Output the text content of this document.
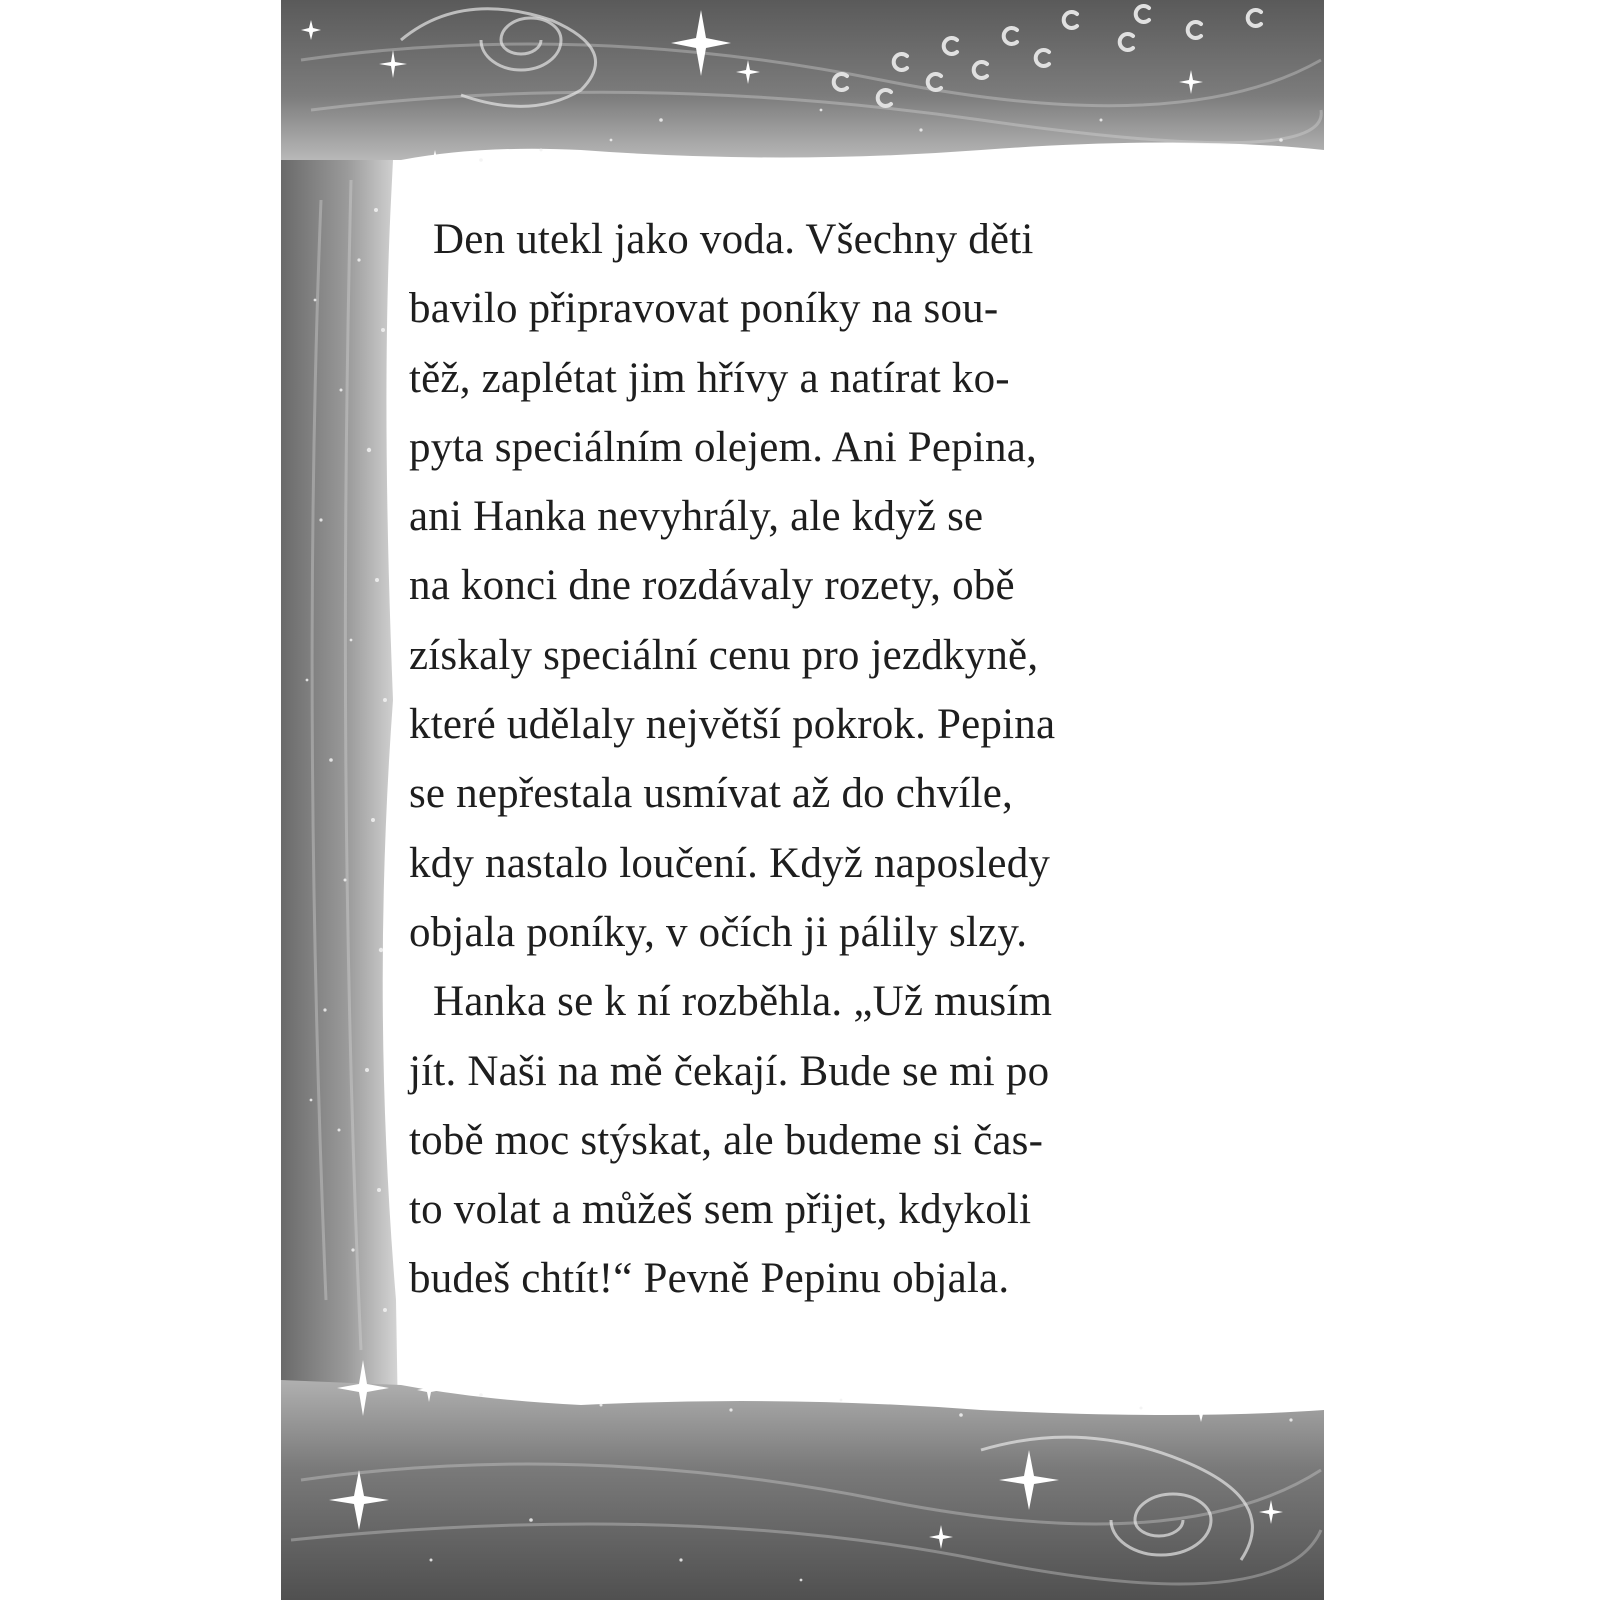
Den utekl jako voda. Všechny děti
bavilo připravovat poníky na sou-
těž, zaplétat jim hřívy a natírat ko-
pyta speciálním olejem. Ani Pepina,
ani Hanka nevyhrály, ale když se
na konci dne rozdávaly rozety, obě
získaly speciální cenu pro jezdkyně,
které udělaly největší pokrok. Pepina
se nepřestala usmívat až do chvíle,
kdy nastalo loučení. Když naposledy
objala poníky, v očích ji pálily slzy.
Hanka se k ní rozběhla. „Už musím
jít. Naši na mě čekají. Bude se mi po
tobě moc stýskat, ale budeme si čas-
to volat a můžeš sem přijet, kdykoli
budeš chtít!“ Pevně Pepinu objala.
